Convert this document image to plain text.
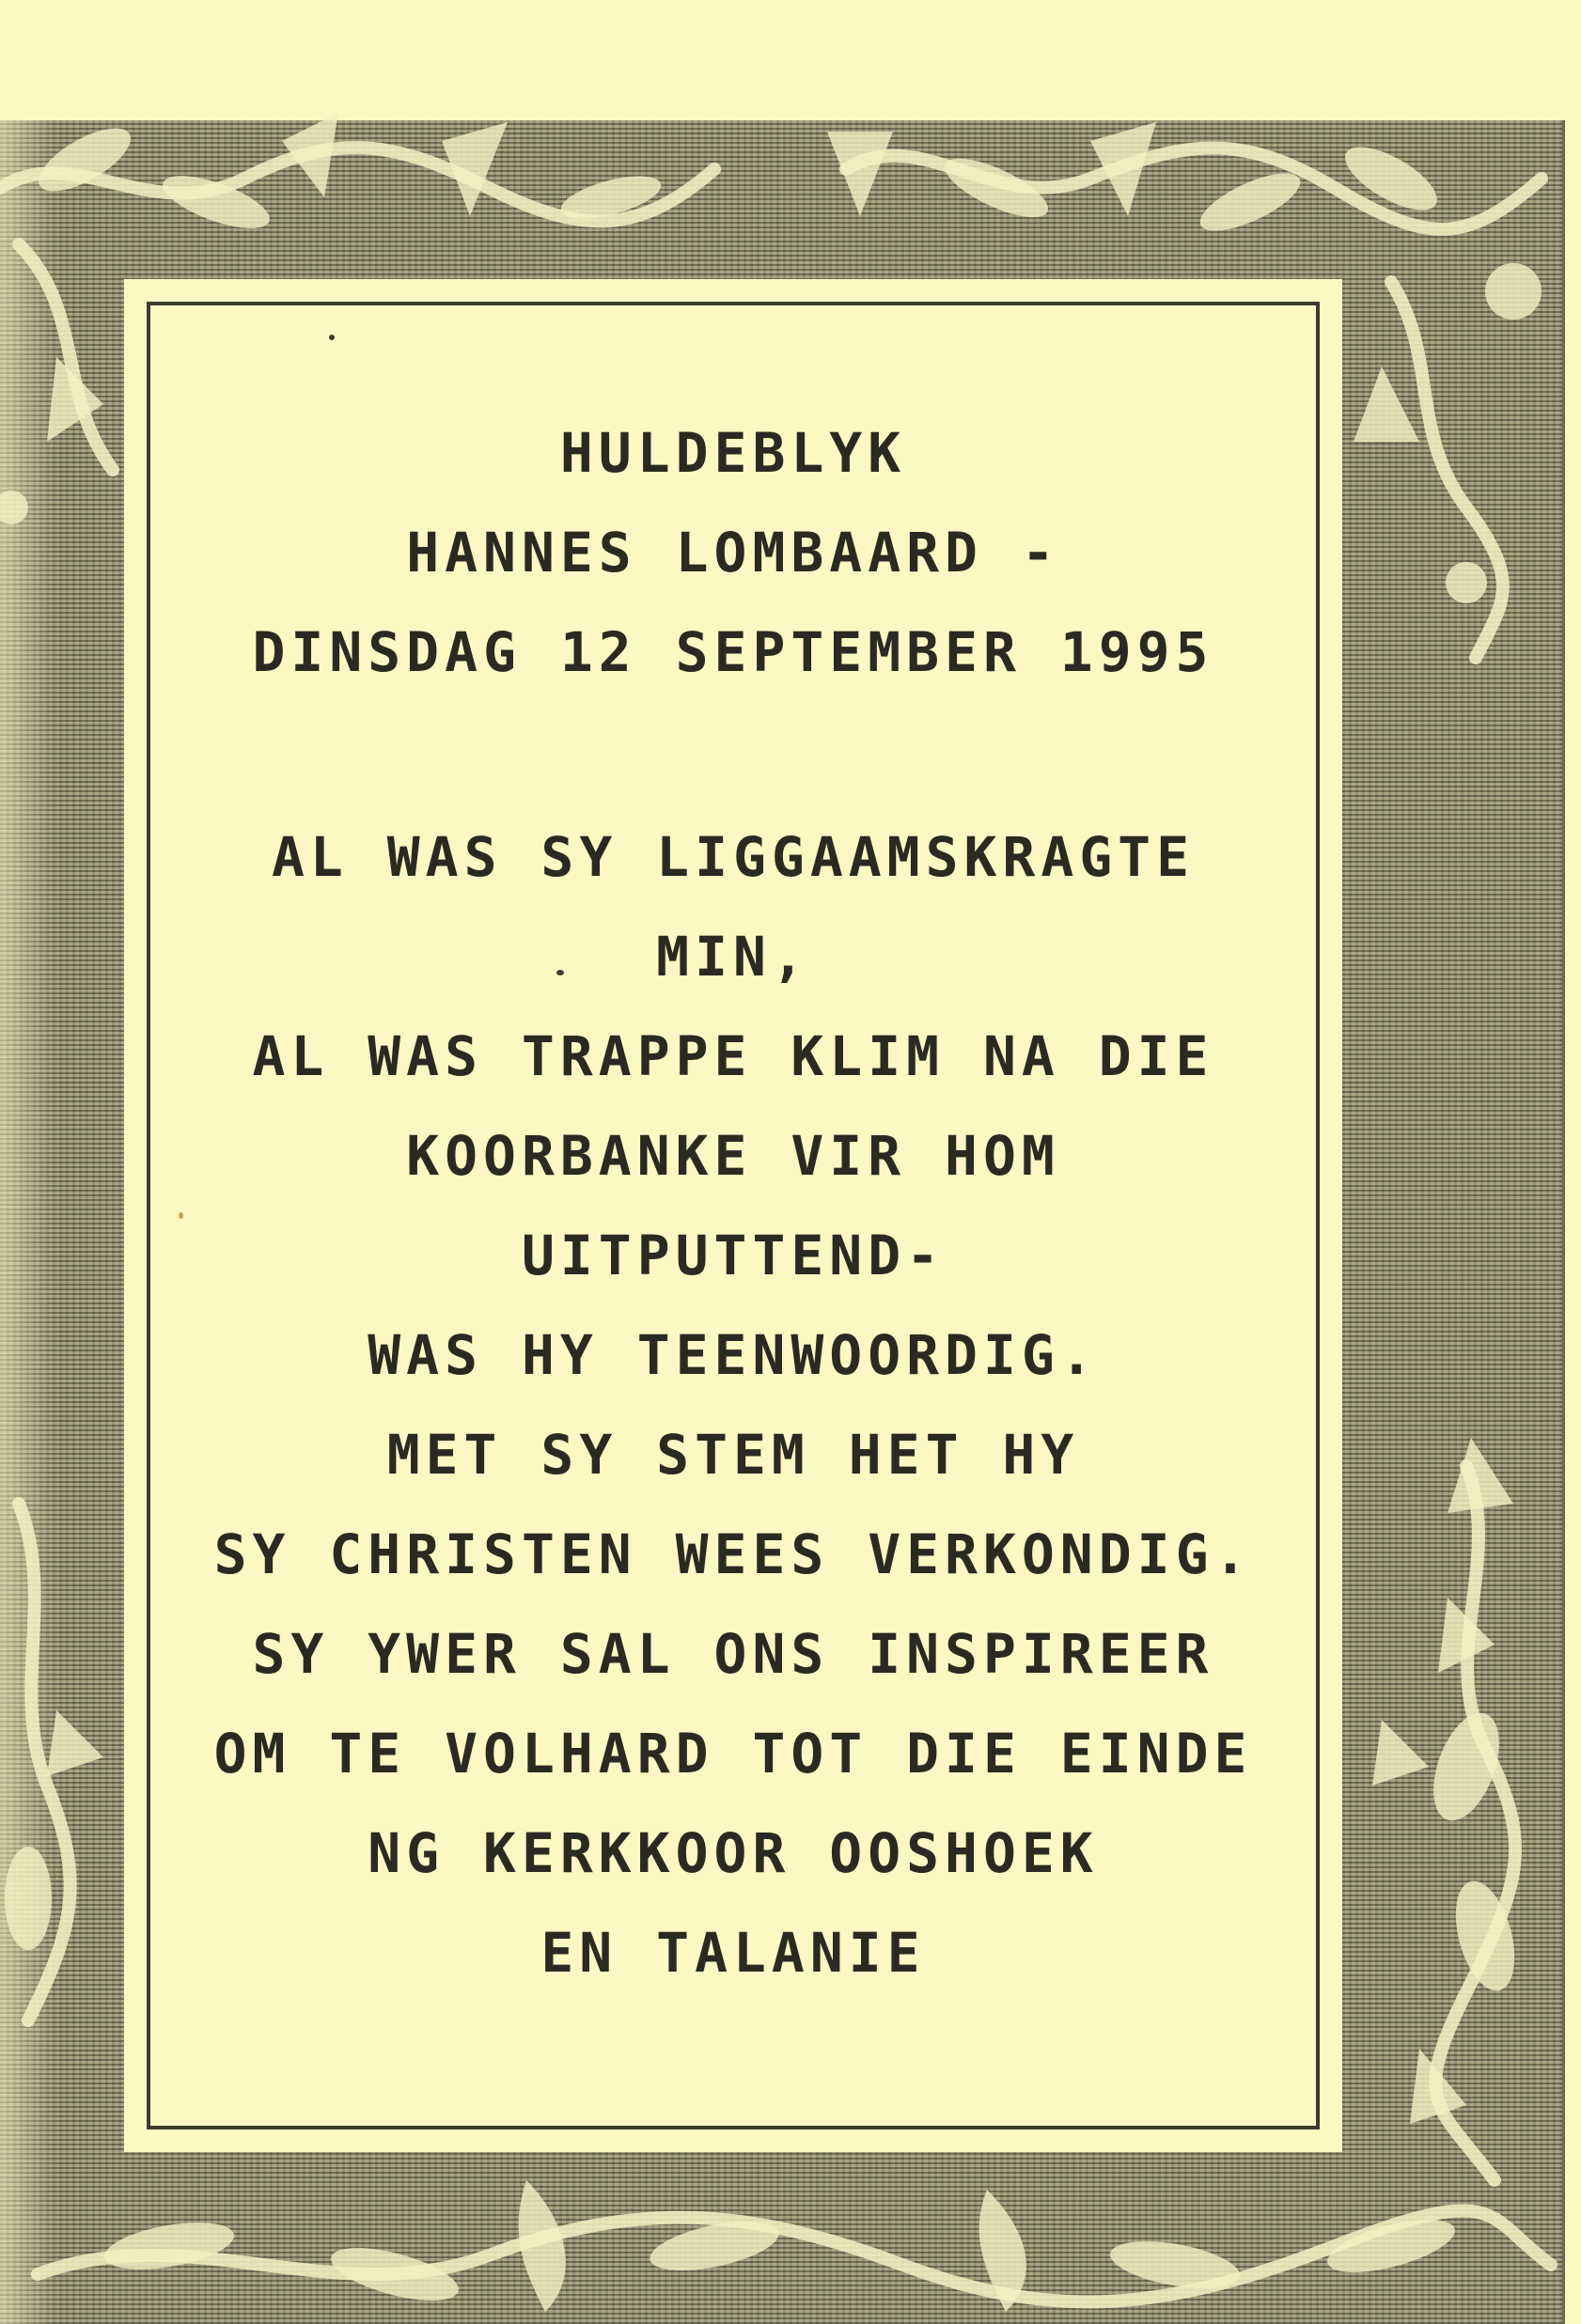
HULDEBLYK
HANNES LOMBAARD -
DINSDAG 12 SEPTEMBER 1995
AL WAS SY LIGGAAMSKRAGTE
MIN,
AL WAS TRAPPE KLIM NA DIE
KOORBANKE VIR HOM
UITPUTTEND-
WAS HY TEENWOORDIG.
MET SY STEM HET HY
SY CHRISTEN WEES VERKONDIG.
SY YWER SAL ONS INSPIREER
OM TE VOLHARD TOT DIE EINDE
NG KERKKOOR OOSHOEK
EN TALANIE
